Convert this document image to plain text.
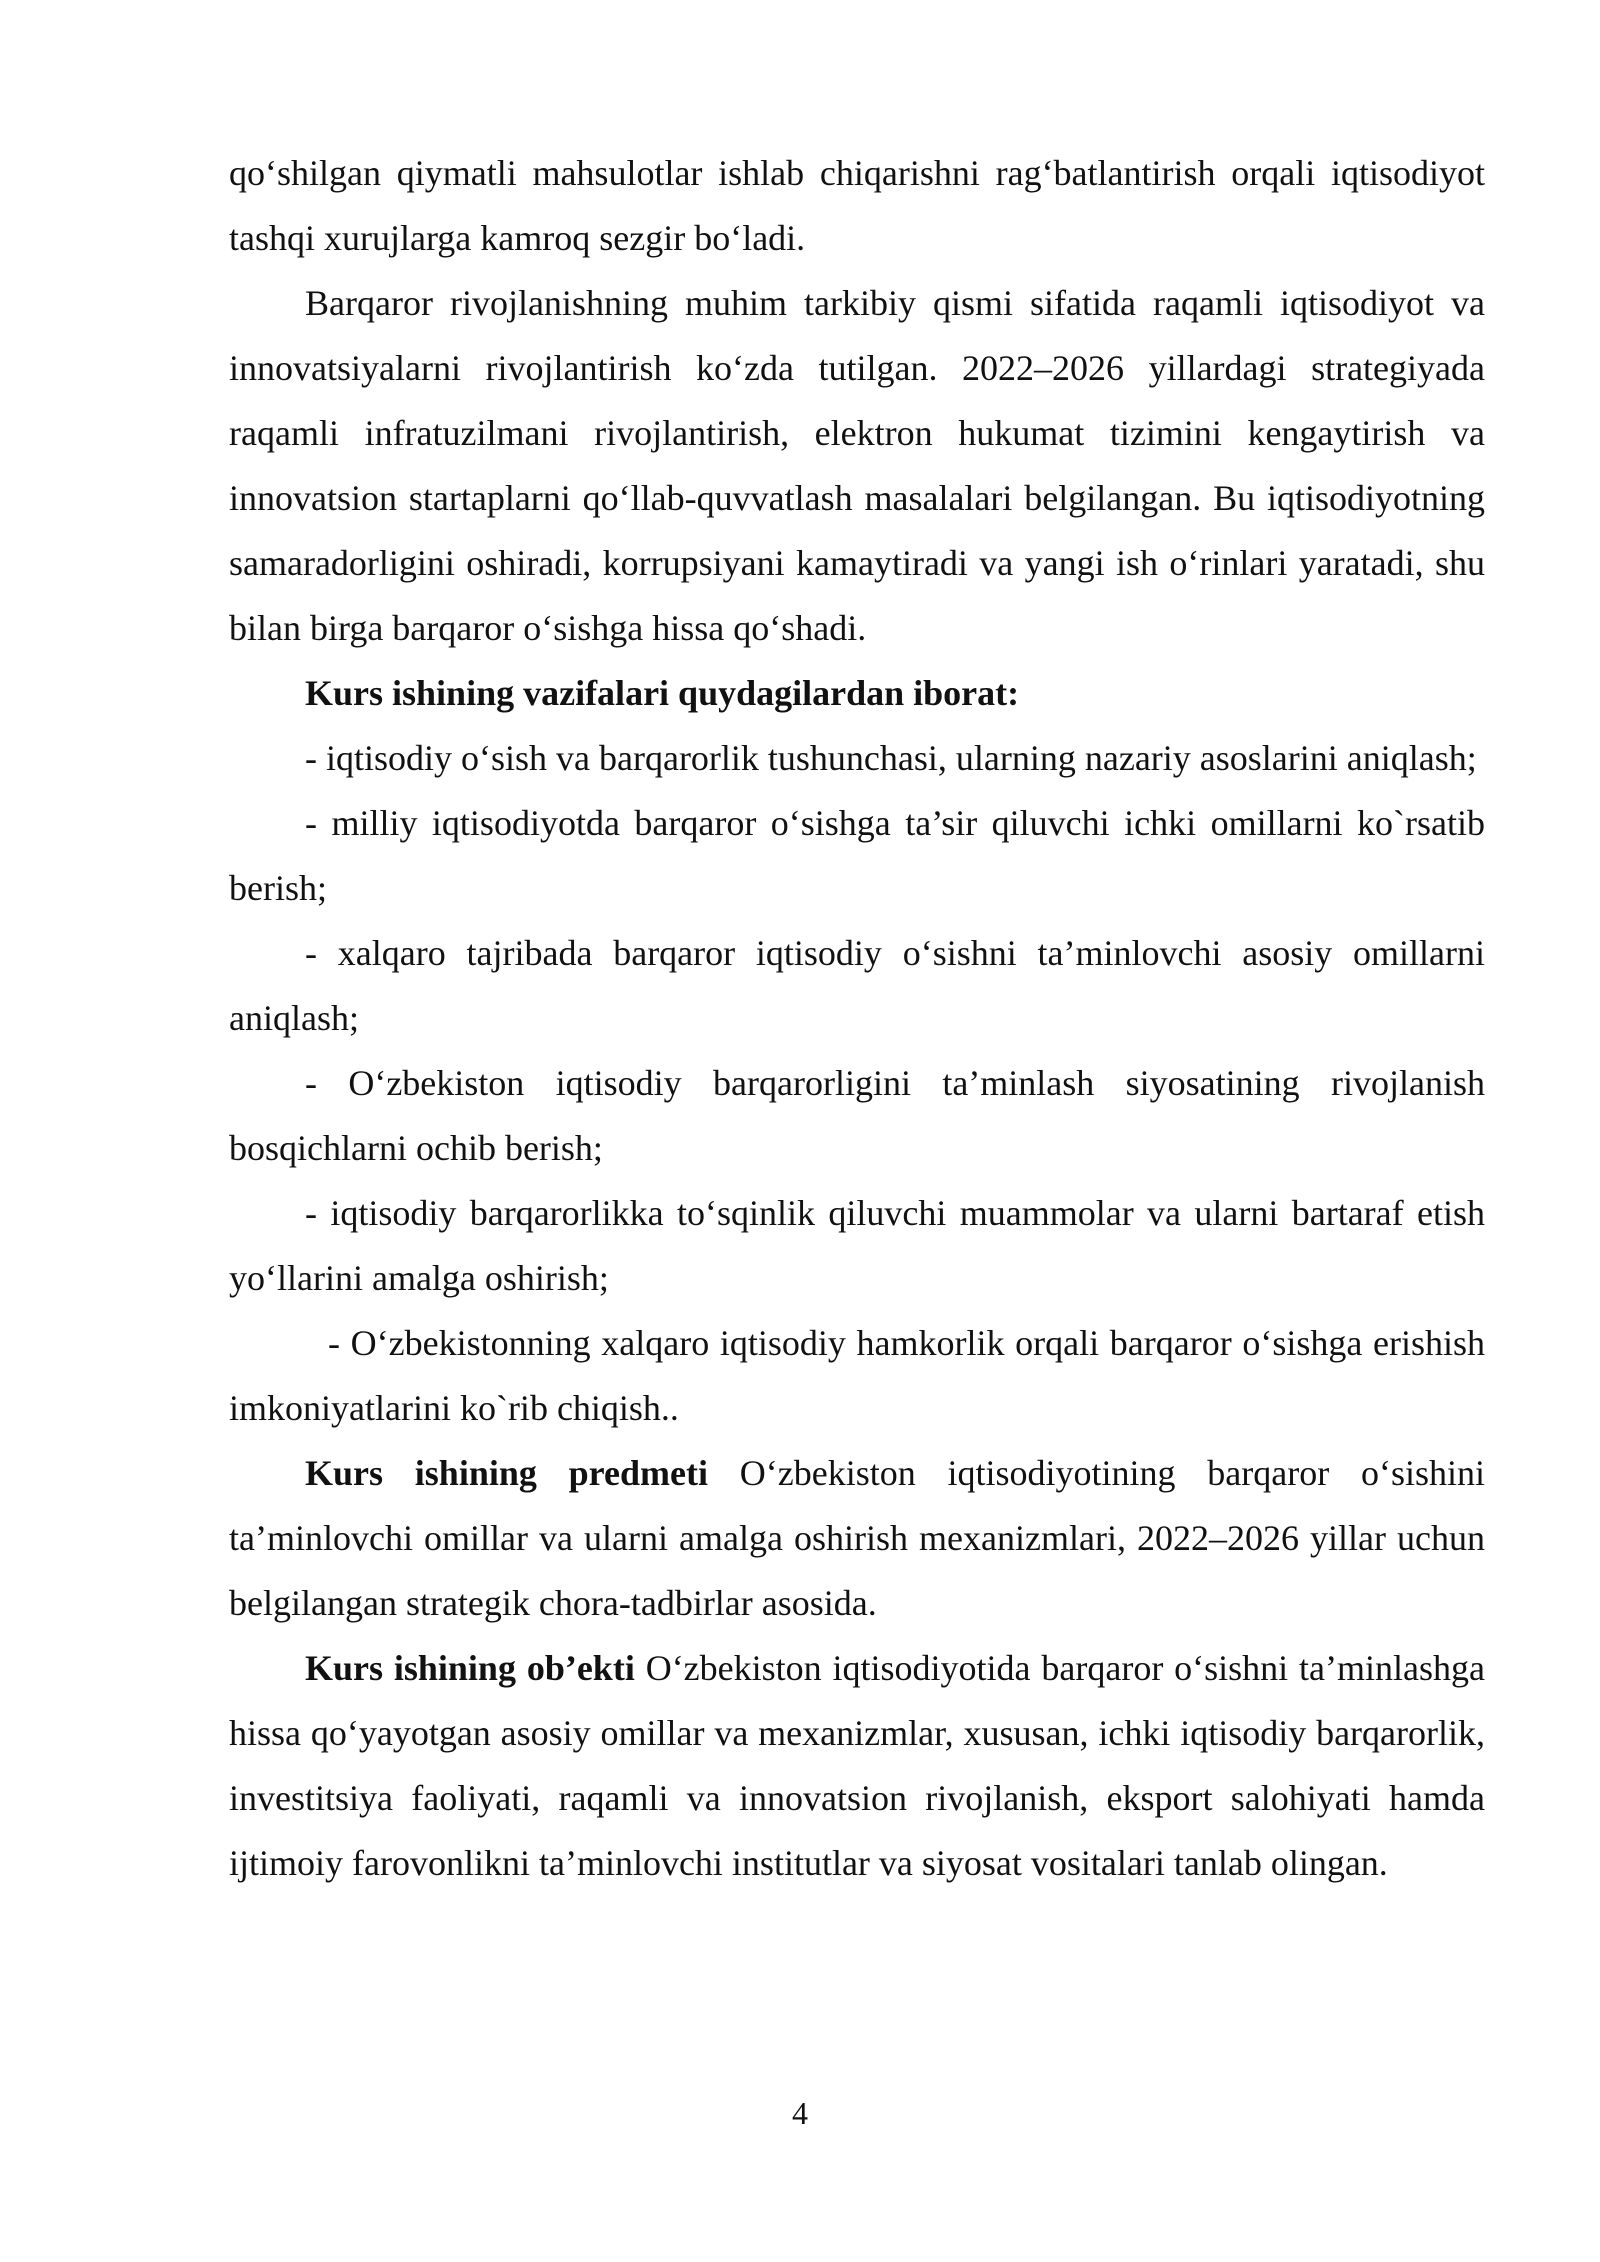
qo‘shilgan qiymatli mahsulotlar ishlab chiqarishni rag‘batlantirish orqali iqtisodiyot tashqi xurujlarga kamroq sezgir bo‘ladi.

Barqaror rivojlanishning muhim tarkibiy qismi sifatida raqamli iqtisodiyot va innovatsiyalarni rivojlantirish ko‘zda tutilgan. 2022–2026 yillardagi strategiyada raqamli infratuzilmani rivojlantirish, elektron hukumat tizimini kengaytirish va innovatsion startaplarni qo‘llab-quvvatlash masalalari belgilangan. Bu iqtisodiyotning samaradorligini oshiradi, korrupsiyani kamaytiradi va yangi ish o‘rinlari yaratadi, shu bilan birga barqaror o‘sishga hissa qo‘shadi.

Kurs ishining vazifalari quydagilardan iborat:

- iqtisodiy o‘sish va barqarorlik tushunchasi, ularning nazariy asoslarini aniqlash;

- milliy iqtisodiyotda barqaror o‘sishga ta’sir qiluvchi ichki omillarni ko`rsatib berish;

- xalqaro tajribada barqaror iqtisodiy o‘sishni ta’minlovchi asosiy omillarni aniqlash;

- O‘zbekiston iqtisodiy barqarorligini ta’minlash siyosatining rivojlanish bosqichlarni ochib berish;

- iqtisodiy barqarorlikka to‘sqinlik qiluvchi muammolar va ularni bartaraf etish yo‘llarini amalga oshirish;

- O‘zbekistonning xalqaro iqtisodiy hamkorlik orqali barqaror o‘sishga erishish imkoniyatlarini ko`rib chiqish..

Kurs ishining predmeti O‘zbekiston iqtisodiyotining barqaror o‘sishini ta’minlovchi omillar va ularni amalga oshirish mexanizmlari, 2022–2026 yillar uchun belgilangan strategik chora-tadbirlar asosida.

Kurs ishining ob’ekti O‘zbekiston iqtisodiyotida barqaror o‘sishni ta’minlashga hissa qo‘yayotgan asosiy omillar va mexanizmlar, xususan, ichki iqtisodiy barqarorlik, investitsiya faoliyati, raqamli va innovatsion rivojlanish, eksport salohiyati hamda ijtimoiy farovonlikni ta’minlovchi institutlar va siyosat vositalari tanlab olingan.

4
